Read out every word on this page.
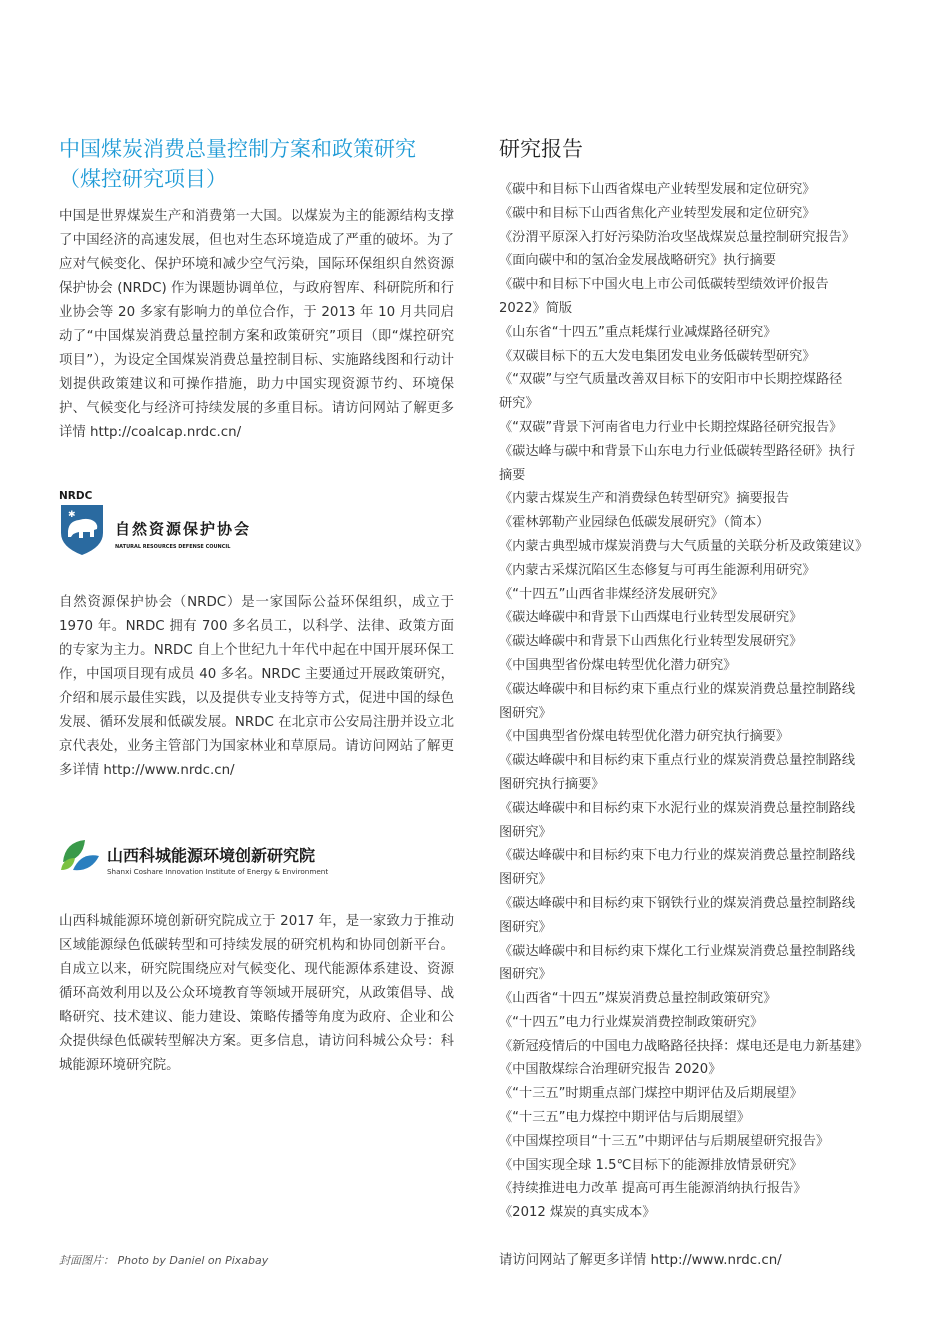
中国煤炭消费总量控制方案和政策研究
（煤控研究项目）

中国是世界煤炭生产和消费第一大国。以煤炭为主的能源结构支撑了中国经济的高速发展，但也对生态环境造成了严重的破坏。为了应对气候变化、保护环境和减少空气污染，国际环保组织自然资源保护协会 (NRDC) 作为课题协调单位，与政府智库、科研院所和行业协会等 20 多家有影响力的单位合作，于 2013 年 10 月共同启动了“中国煤炭消费总量控制方案和政策研究”项目（即“煤控研究项目”），为设定全国煤炭消费总量控制目标、实施路线图和行动计划提供政策建议和可操作措施，助力中国实现资源节约、环境保护、气候变化与经济可持续发展的多重目标。请访问网站了解更多详情 http://coalcap.nrdc.cn/

NRDC
✱
自然资源保护协会
NATURAL RESOURCES DEFENSE COUNCIL

自然资源保护协会（NRDC）是一家国际公益环保组织，成立于 1970 年。NRDC 拥有 700 多名员工，以科学、法律、政策方面的专家为主力。NRDC 自上个世纪九十年代中起在中国开展环保工作，中国项目现有成员 40 多名。NRDC 主要通过开展政策研究，介绍和展示最佳实践，以及提供专业支持等方式，促进中国的绿色发展、循环发展和低碳发展。NRDC 在北京市公安局注册并设立北京代表处，业务主管部门为国家林业和草原局。请访问网站了解更多详情 http://www.nrdc.cn/

山西科城能源环境创新研究院
Shanxi Coshare Innovation Institute of Energy & Environment

山西科城能源环境创新研究院成立于 2017 年，是一家致力于推动区域能源绿色低碳转型和可持续发展的研究机构和协同创新平台。自成立以来，研究院围绕应对气候变化、现代能源体系建设、资源循环高效利用以及公众环境教育等领域开展研究，从政策倡导、战略研究、技术建议、能力建设、策略传播等角度为政府、企业和公众提供绿色低碳转型解决方案。更多信息，请访问科城公众号：科城能源环境研究院。

研究报告
《碳中和目标下山西省煤电产业转型发展和定位研究》
《碳中和目标下山西省焦化产业转型发展和定位研究》
《汾渭平原深入打好污染防治攻坚战煤炭总量控制研究报告》
《面向碳中和的氢冶金发展战略研究》执行摘要
《碳中和目标下中国火电上市公司低碳转型绩效评价报告
2022》简版
《山东省“十四五”重点耗煤行业减煤路径研究》
《双碳目标下的五大发电集团发电业务低碳转型研究》
《“双碳”与空气质量改善双目标下的安阳市中长期控煤路径
研究》
《“双碳”背景下河南省电力行业中长期控煤路径研究报告》
《碳达峰与碳中和背景下山东电力行业低碳转型路径研》执行
摘要
《内蒙古煤炭生产和消费绿色转型研究》摘要报告
《霍林郭勒产业园绿色低碳发展研究》（简本）
《内蒙古典型城市煤炭消费与大气质量的关联分析及政策建议》
《内蒙古采煤沉陷区生态修复与可再生能源利用研究》
《“十四五”山西省非煤经济发展研究》
《碳达峰碳中和背景下山西煤电行业转型发展研究》
《碳达峰碳中和背景下山西焦化行业转型发展研究》
《中国典型省份煤电转型优化潜力研究》
《碳达峰碳中和目标约束下重点行业的煤炭消费总量控制路线
图研究》
《中国典型省份煤电转型优化潜力研究执行摘要》
《碳达峰碳中和目标约束下重点行业的煤炭消费总量控制路线
图研究执行摘要》
《碳达峰碳中和目标约束下水泥行业的煤炭消费总量控制路线
图研究》
《碳达峰碳中和目标约束下电力行业的煤炭消费总量控制路线
图研究》
《碳达峰碳中和目标约束下钢铁行业的煤炭消费总量控制路线
图研究》
《碳达峰碳中和目标约束下煤化工行业煤炭消费总量控制路线
图研究》
《山西省“十四五”煤炭消费总量控制政策研究》
《“十四五”电力行业煤炭消费控制政策研究》
《新冠疫情后的中国电力战略路径抉择：煤电还是电力新基建》
《中国散煤综合治理研究报告 2020》
《“十三五”时期重点部门煤控中期评估及后期展望》
《“十三五”电力煤控中期评估与后期展望》
《中国煤控项目“十三五”中期评估与后期展望研究报告》
《中国实现全球 1.5℃目标下的能源排放情景研究》
《持续推进电力改革 提高可再生能源消纳执行报告》
《2012 煤炭的真实成本》
封面图片： Photo by Daniel on Pixabay	请访问网站了解更多详情 http://www.nrdc.cn/
